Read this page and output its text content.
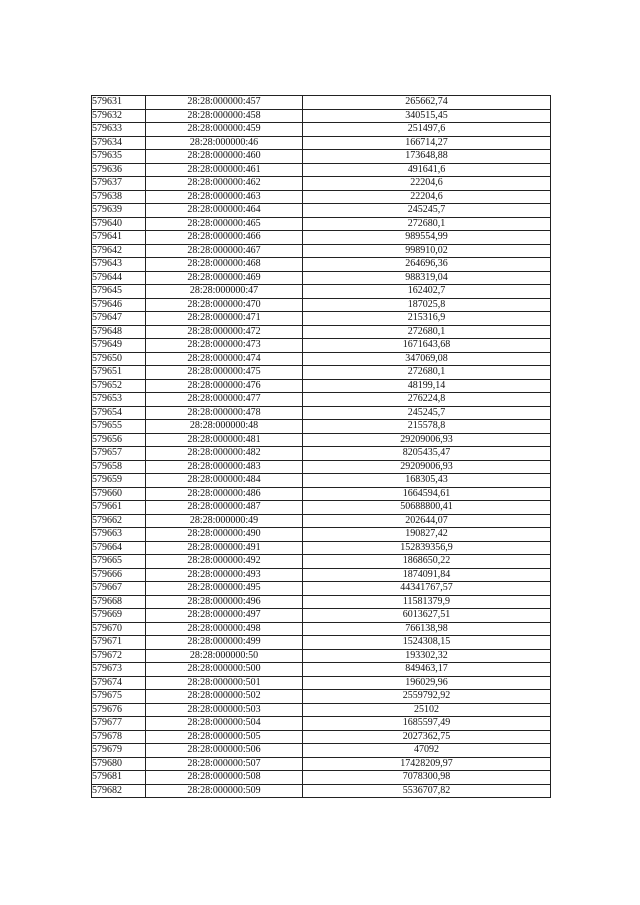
579631	28:28:000000:457	265662,74
579632	28:28:000000:458	340515,45
579633	28:28:000000:459	251497,6
579634	28:28:000000:46	166714,27
579635	28:28:000000:460	173648,88
579636	28:28:000000:461	491641,6
579637	28:28:000000:462	22204,6
579638	28:28:000000:463	22204,6
579639	28:28:000000:464	245245,7
579640	28:28:000000:465	272680,1
579641	28:28:000000:466	989554,99
579642	28:28:000000:467	998910,02
579643	28:28:000000:468	264696,36
579644	28:28:000000:469	988319,04
579645	28:28:000000:47	162402,7
579646	28:28:000000:470	187025,8
579647	28:28:000000:471	215316,9
579648	28:28:000000:472	272680,1
579649	28:28:000000:473	1671643,68
579650	28:28:000000:474	347069,08
579651	28:28:000000:475	272680,1
579652	28:28:000000:476	48199,14
579653	28:28:000000:477	276224,8
579654	28:28:000000:478	245245,7
579655	28:28:000000:48	215578,8
579656	28:28:000000:481	29209006,93
579657	28:28:000000:482	8205435,47
579658	28:28:000000:483	29209006,93
579659	28:28:000000:484	168305,43
579660	28:28:000000:486	1664594,61
579661	28:28:000000:487	50688800,41
579662	28:28:000000:49	202644,07
579663	28:28:000000:490	190827,42
579664	28:28:000000:491	152839356,9
579665	28:28:000000:492	1868650,22
579666	28:28:000000:493	1874091,84
579667	28:28:000000:495	44341767,57
579668	28:28:000000:496	11581379,9
579669	28:28:000000:497	6013627,51
579670	28:28:000000:498	766138,98
579671	28:28:000000:499	1524308,15
579672	28:28:000000:50	193302,32
579673	28:28:000000:500	849463,17
579674	28:28:000000:501	196029,96
579675	28:28:000000:502	2559792,92
579676	28:28:000000:503	25102
579677	28:28:000000:504	1685597,49
579678	28:28:000000:505	2027362,75
579679	28:28:000000:506	47092
579680	28:28:000000:507	17428209,97
579681	28:28:000000:508	7078300,98
579682	28:28:000000:509	5536707,82
